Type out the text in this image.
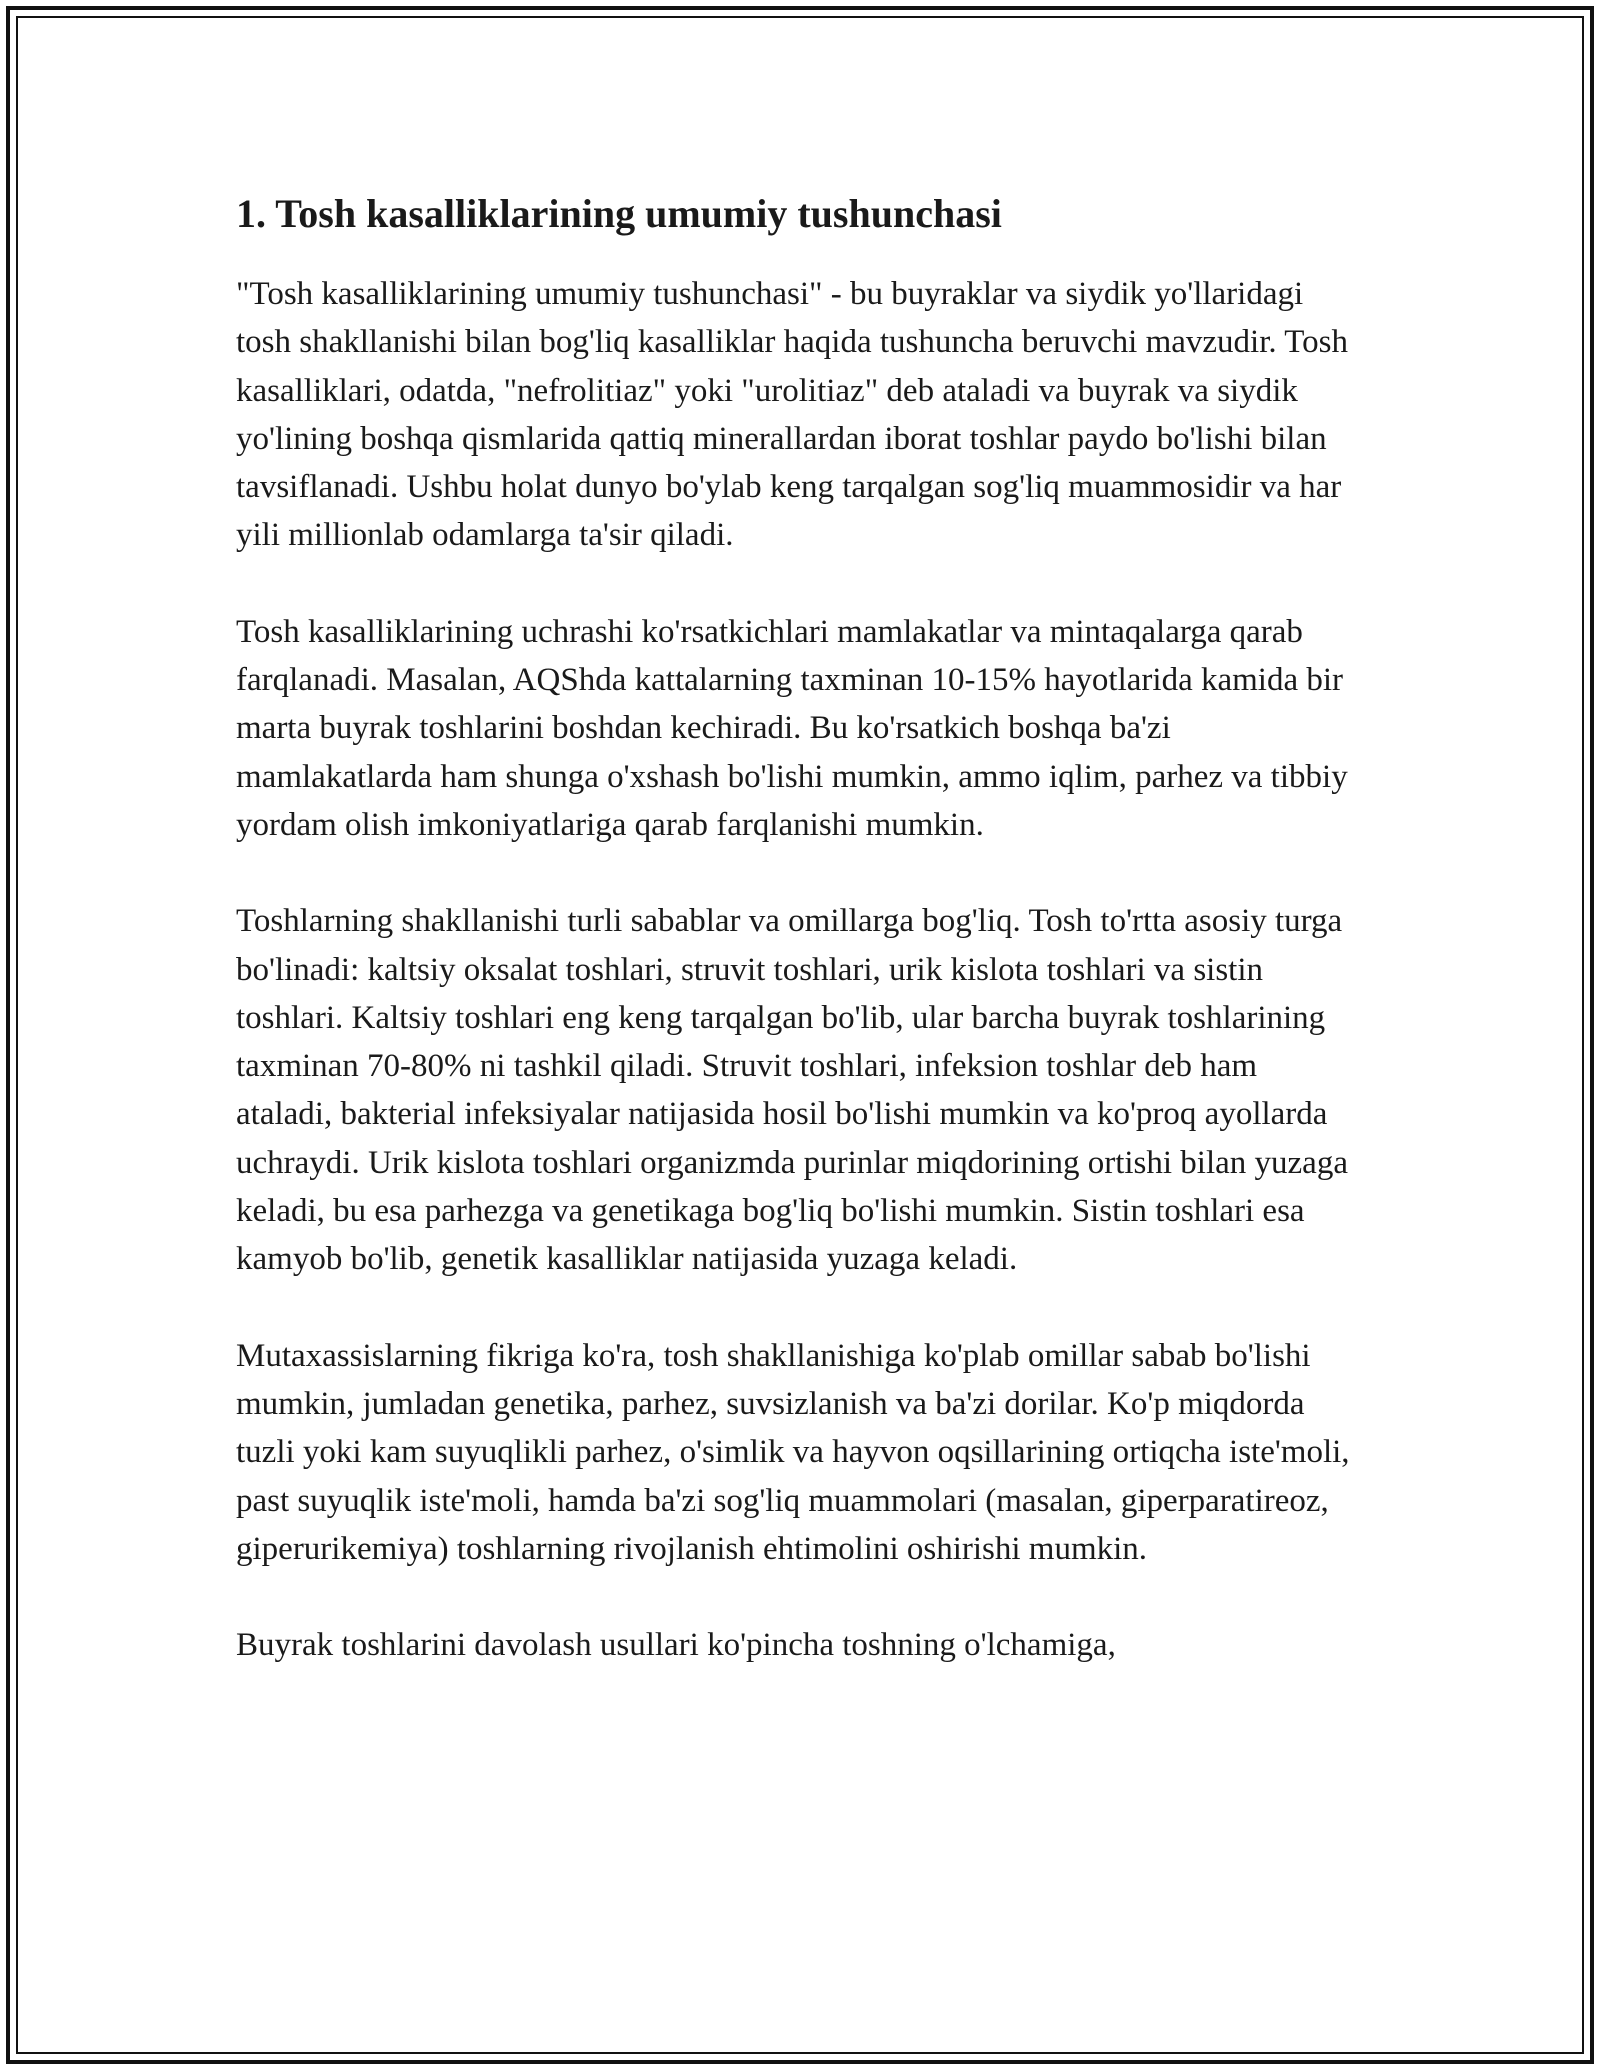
1. Tosh kasalliklarining umumiy tushunchasi

"Tosh kasalliklarining umumiy tushunchasi" - bu buyraklar va siydik yo'llaridagi tosh shakllanishi bilan bog'liq kasalliklar haqida tushuncha beruvchi mavzudir. Tosh kasalliklari, odatda, "nefrolitiaz" yoki "urolitiaz" deb ataladi va buyrak va siydik yo'lining boshqa qismlarida qattiq minerallardan iborat toshlar paydo bo'lishi bilan tavsiflanadi. Ushbu holat dunyo bo'ylab keng tarqalgan sog'liq muammosidir va har yili millionlab odamlarga ta'sir qiladi.

Tosh kasalliklarining uchrashi ko'rsatkichlari mamlakatlar va mintaqalarga qarab farqlanadi. Masalan, AQShda kattalarning taxminan 10-15% hayotlarida kamida bir marta buyrak toshlarini boshdan kechiradi. Bu ko'rsatkich boshqa ba'zi mamlakatlarda ham shunga o'xshash bo'lishi mumkin, ammo iqlim, parhez va tibbiy yordam olish imkoniyatlariga qarab farqlanishi mumkin.

Toshlarning shakllanishi turli sabablar va omillarga bog'liq. Tosh to'rtta asosiy turga bo'linadi: kaltsiy oksalat toshlari, struvit toshlari, urik kislota toshlari va sistin toshlari. Kaltsiy toshlari eng keng tarqalgan bo'lib, ular barcha buyrak toshlarining taxminan 70-80% ni tashkil qiladi. Struvit toshlari, infeksion toshlar deb ham ataladi, bakterial infeksiyalar natijasida hosil bo'lishi mumkin va ko'proq ayollarda uchraydi. Urik kislota toshlari organizmda purinlar miqdorining ortishi bilan yuzaga keladi, bu esa parhezga va genetikaga bog'liq bo'lishi mumkin. Sistin toshlari esa kamyob bo'lib, genetik kasalliklar natijasida yuzaga keladi.

Mutaxassislarning fikriga ko'ra, tosh shakllanishiga ko'plab omillar sabab bo'lishi mumkin, jumladan genetika, parhez, suvsizlanish va ba'zi dorilar. Ko'p miqdorda tuzli yoki kam suyuqlikli parhez, o'simlik va hayvon oqsillarining ortiqcha iste'moli, past suyuqlik iste'moli, hamda ba'zi sog'liq muammolari (masalan, giperparatireoz, giperurikemiya) toshlarning rivojlanish ehtimolini oshirishi mumkin.

Buyrak toshlarini davolash usullari ko'pincha toshning o'lchamiga,
